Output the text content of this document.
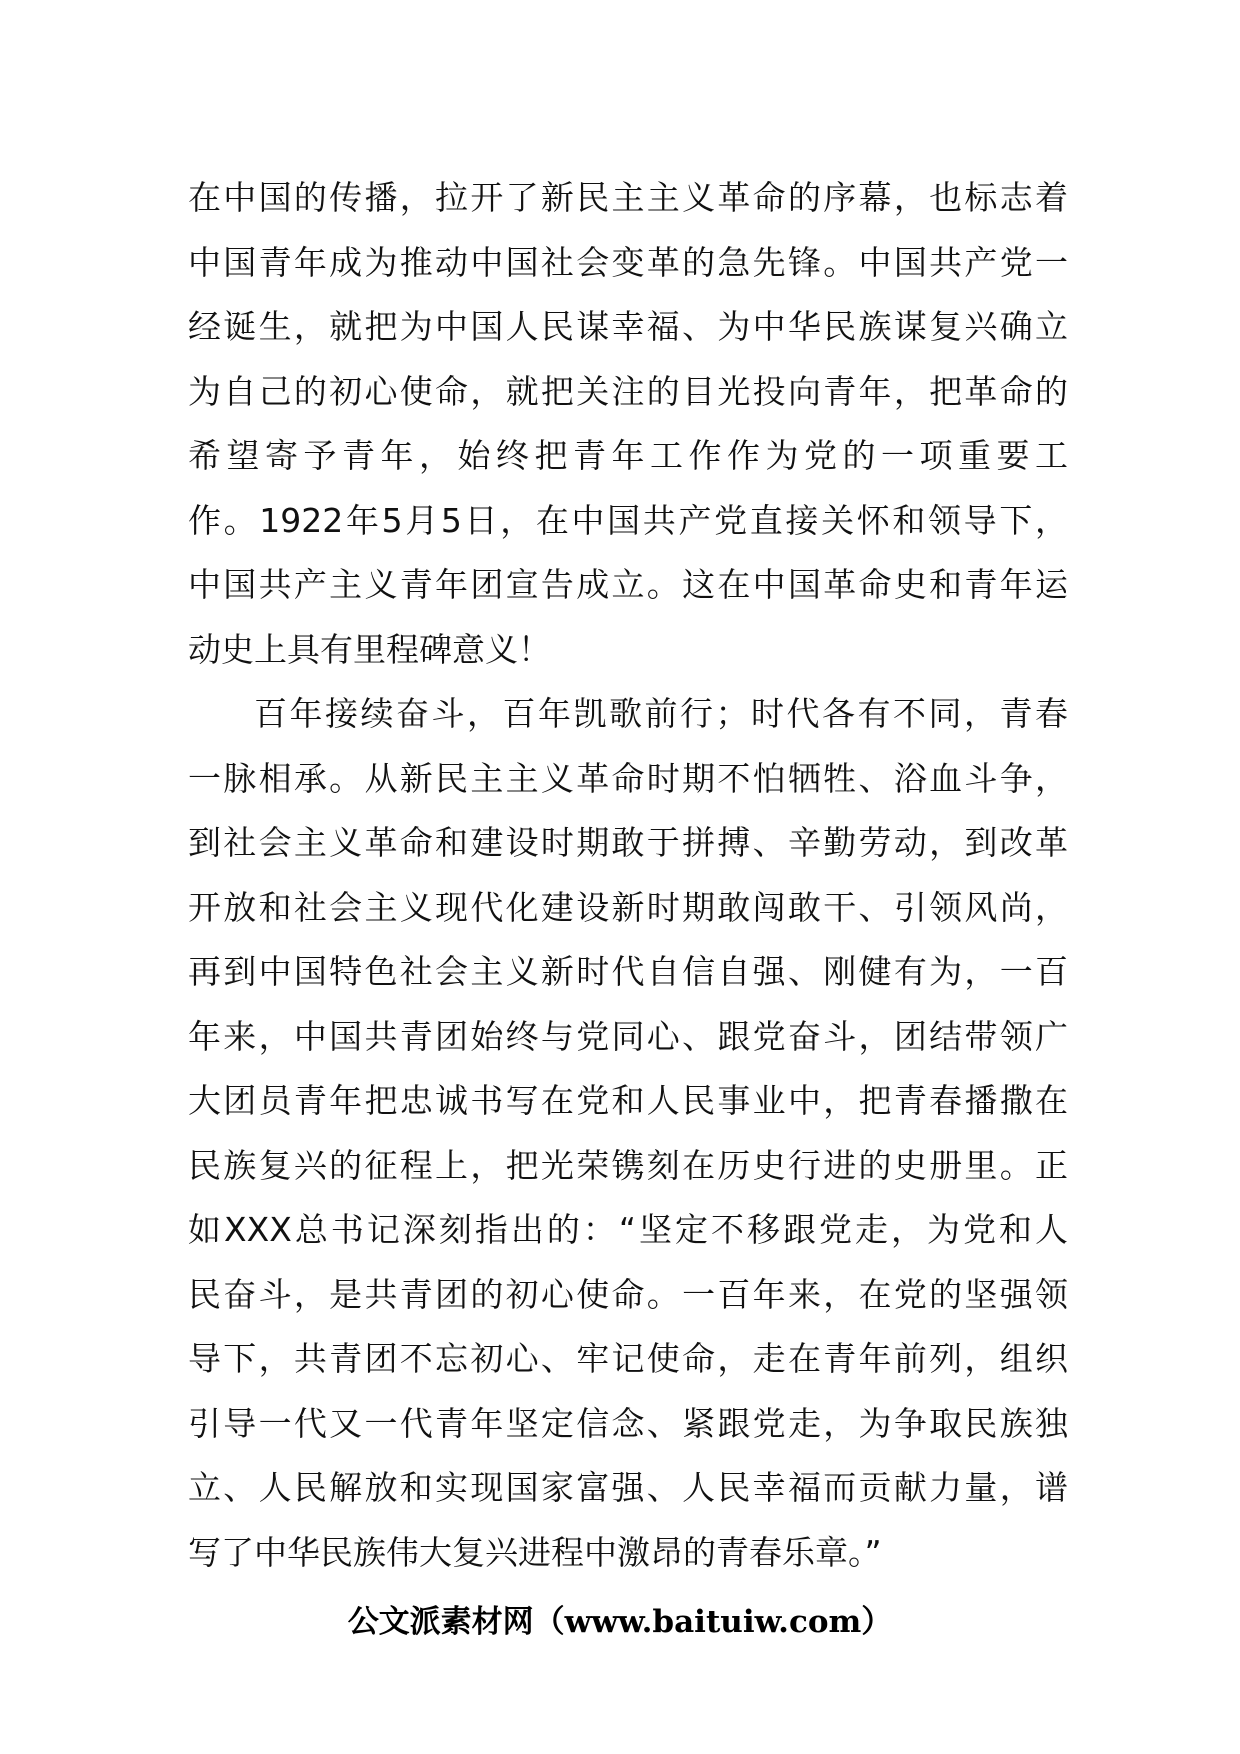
在中国的传播，拉开了新民主主义革命的序幕，也标志着
中国青年成为推动中国社会变革的急先锋。中国共产党一
经诞生，就把为中国人民谋幸福、为中华民族谋复兴确立
为自己的初心使命，就把关注的目光投向青年，把革命的
希望寄予青年，始终把青年工作作为党的一项重要工
作。1922年5月5日，在中国共产党直接关怀和领导下，
中国共产主义青年团宣告成立。这在中国革命史和青年运
动史上具有里程碑意义！
百年接续奋斗，百年凯歌前行；时代各有不同，青春
一脉相承。从新民主主义革命时期不怕牺牲、浴血斗争，
到社会主义革命和建设时期敢于拼搏、辛勤劳动，到改革
开放和社会主义现代化建设新时期敢闯敢干、引领风尚，
再到中国特色社会主义新时代自信自强、刚健有为，一百
年来，中国共青团始终与党同心、跟党奋斗，团结带领广
大团员青年把忠诚书写在党和人民事业中，把青春播撒在
民族复兴的征程上，把光荣镌刻在历史行进的史册里。正
如XXX总书记深刻指出的：“坚定不移跟党走，为党和人
民奋斗，是共青团的初心使命。一百年来，在党的坚强领
导下，共青团不忘初心、牢记使命，走在青年前列，组织
引导一代又一代青年坚定信念、紧跟党走，为争取民族独
立、人民解放和实现国家富强、人民幸福而贡献力量，谱
写了中华民族伟大复兴进程中激昂的青春乐章。”
公文派素材网（www.baituiw.com）
